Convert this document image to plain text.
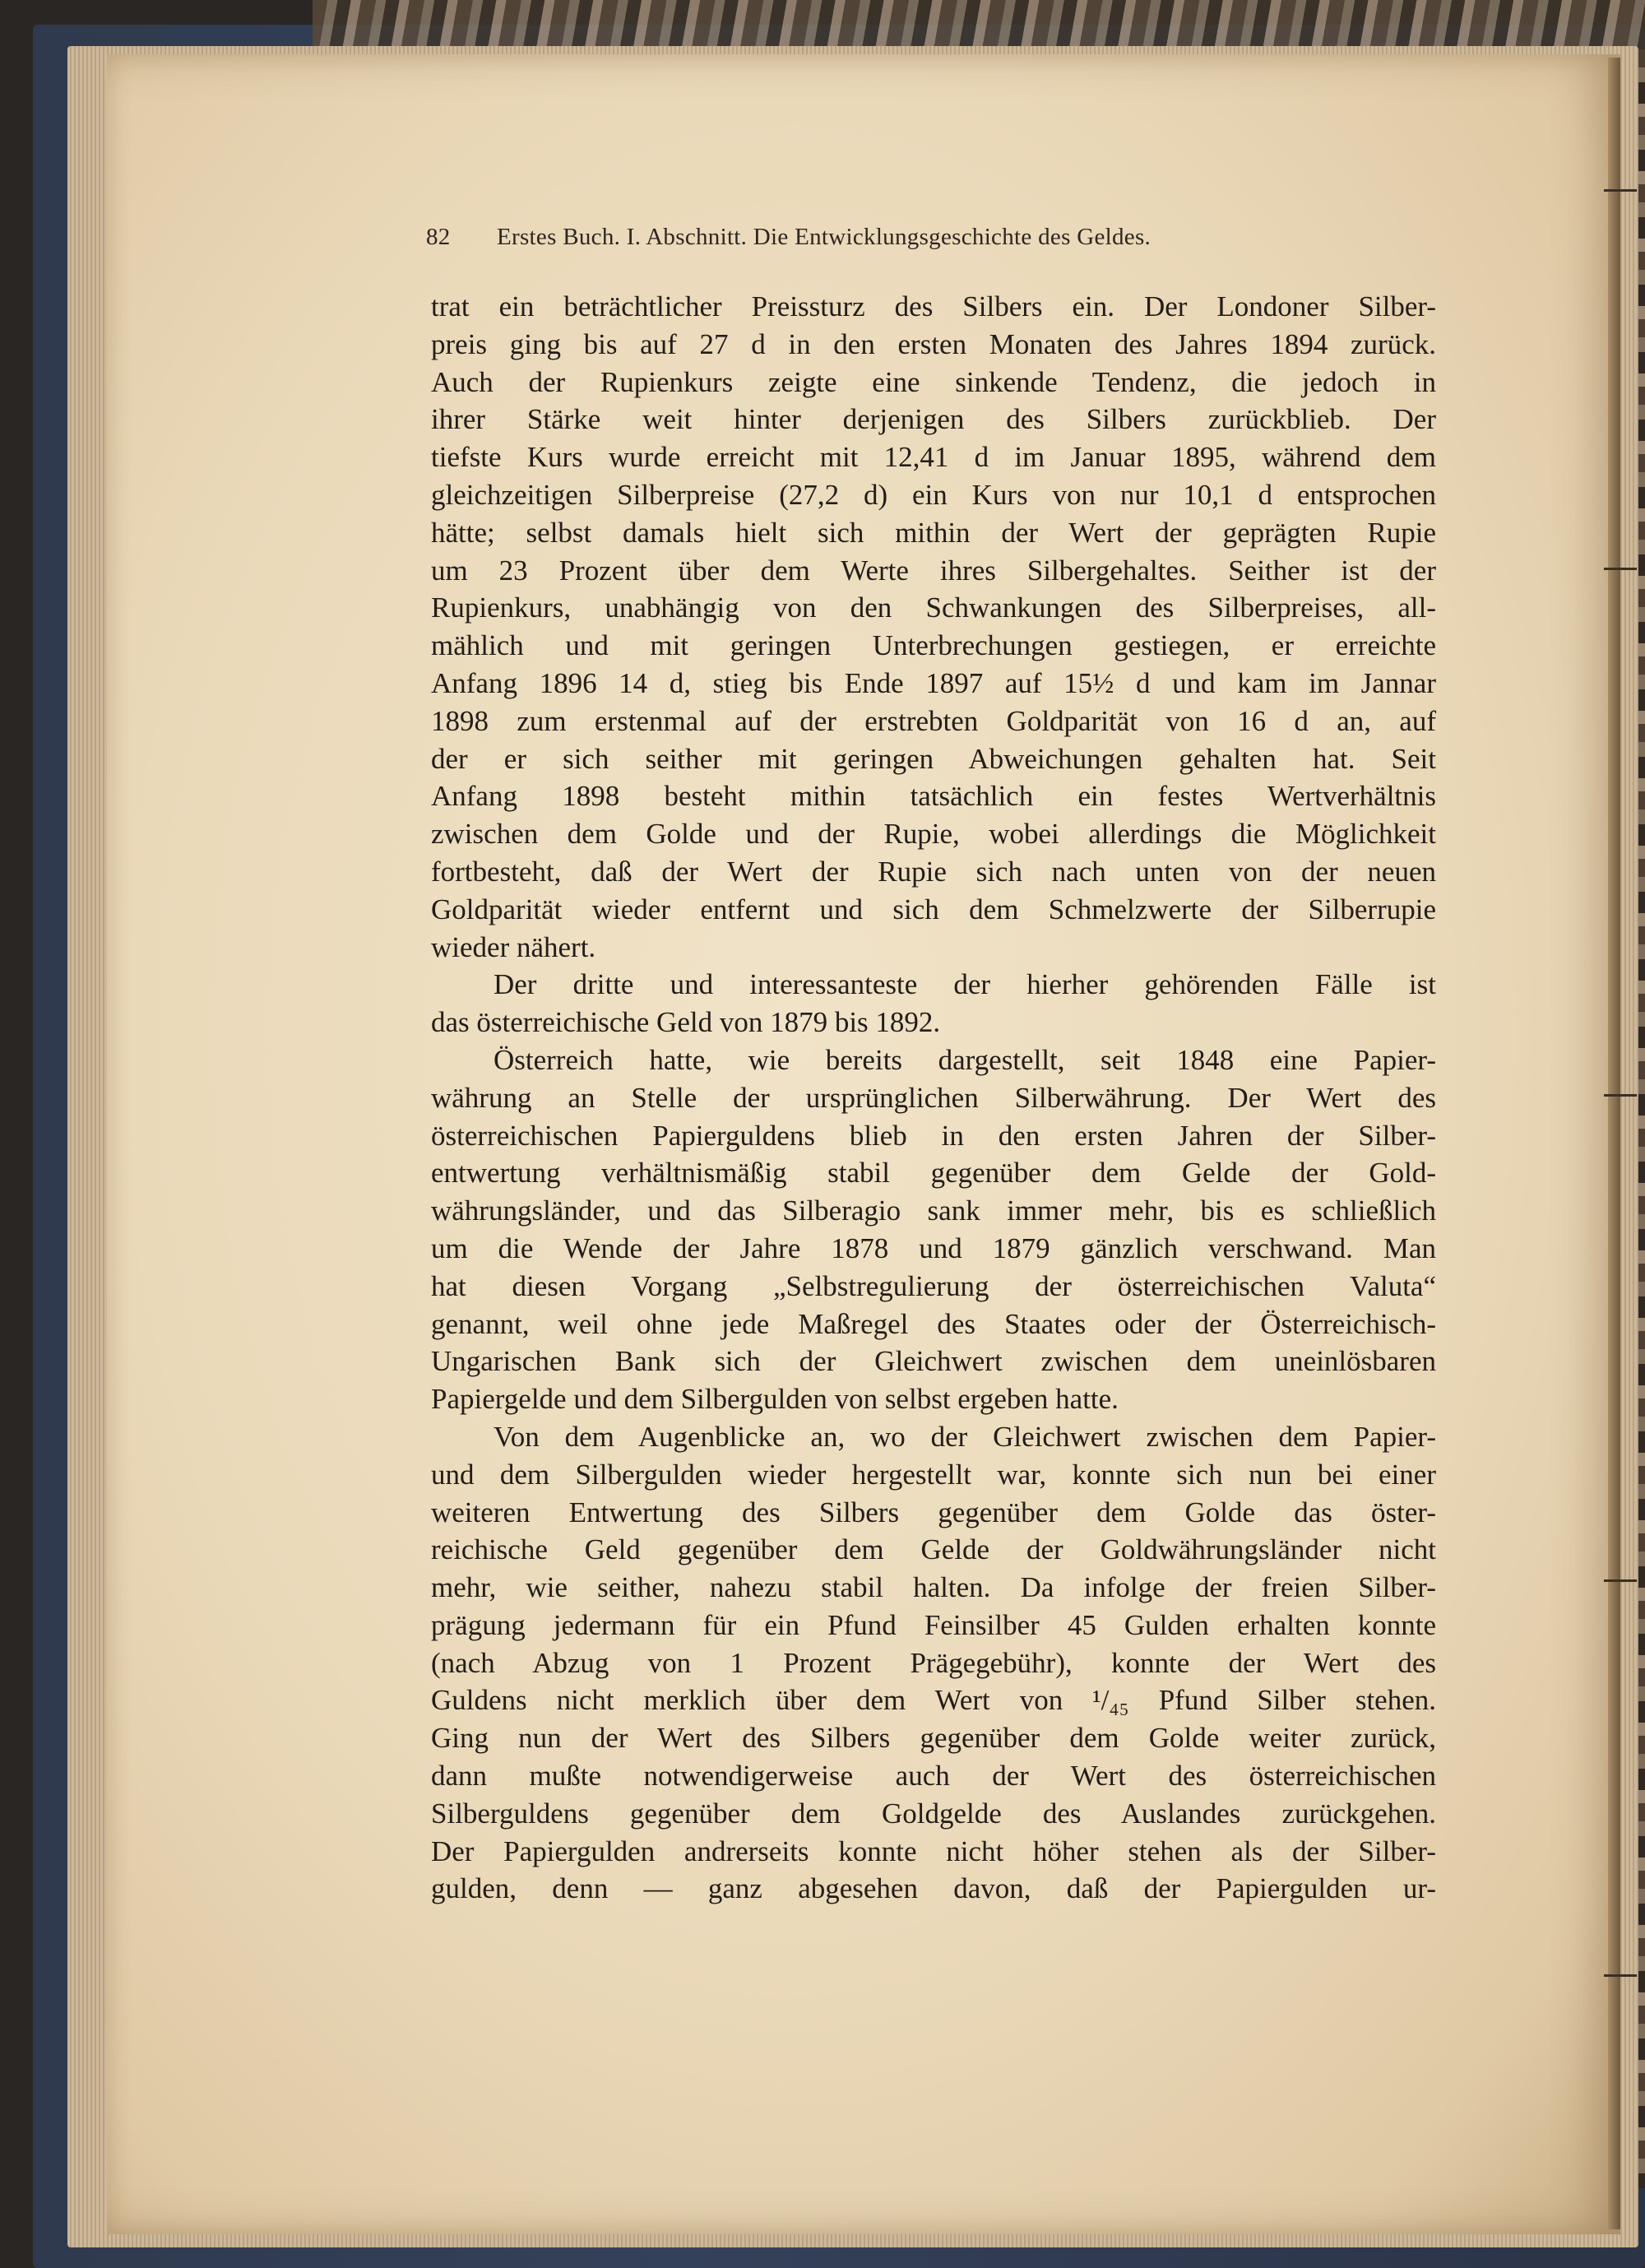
82 Erstes Buch. I. Abschnitt. Die Entwicklungsgeschichte des Geldes.
trat ein beträchtlicher Preissturz des Silbers ein. Der Londoner Silber-
preis ging bis auf 27 d in den ersten Monaten des Jahres 1894 zurück.
Auch der Rupienkurs zeigte eine sinkende Tendenz, die jedoch in
ihrer Stärke weit hinter derjenigen des Silbers zurückblieb. Der
tiefste Kurs wurde erreicht mit 12,41 d im Januar 1895, während dem
gleichzeitigen Silberpreise (27,2 d) ein Kurs von nur 10,1 d entsprochen
hätte; selbst damals hielt sich mithin der Wert der geprägten Rupie
um 23 Prozent über dem Werte ihres Silbergehaltes. Seither ist der
Rupienkurs, unabhängig von den Schwankungen des Silberpreises, all-
mählich und mit geringen Unterbrechungen gestiegen, er erreichte
Anfang 1896 14 d, stieg bis Ende 1897 auf 15½ d und kam im Jannar
1898 zum erstenmal auf der erstrebten Goldparität von 16 d an, auf
der er sich seither mit geringen Abweichungen gehalten hat. Seit
Anfang 1898 besteht mithin tatsächlich ein festes Wertverhältnis
zwischen dem Golde und der Rupie, wobei allerdings die Möglichkeit
fortbesteht, daß der Wert der Rupie sich nach unten von der neuen
Goldparität wieder entfernt und sich dem Schmelzwerte der Silberrupie
wieder nähert.
Der dritte und interessanteste der hierher gehörenden Fälle ist
das österreichische Geld von 1879 bis 1892.
Österreich hatte, wie bereits dargestellt, seit 1848 eine Papier-
währung an Stelle der ursprünglichen Silberwährung. Der Wert des
österreichischen Papierguldens blieb in den ersten Jahren der Silber-
entwertung verhältnismäßig stabil gegenüber dem Gelde der Gold-
währungsländer, und das Silberagio sank immer mehr, bis es schließlich
um die Wende der Jahre 1878 und 1879 gänzlich verschwand. Man
hat diesen Vorgang „Selbstregulierung der österreichischen Valuta“
genannt, weil ohne jede Maßregel des Staates oder der Österreichisch-
Ungarischen Bank sich der Gleichwert zwischen dem uneinlösbaren
Papiergelde und dem Silbergulden von selbst ergeben hatte.
Von dem Augenblicke an, wo der Gleichwert zwischen dem Papier-
und dem Silbergulden wieder hergestellt war, konnte sich nun bei einer
weiteren Entwertung des Silbers gegenüber dem Golde das öster-
reichische Geld gegenüber dem Gelde der Goldwährungsländer nicht
mehr, wie seither, nahezu stabil halten. Da infolge der freien Silber-
prägung jedermann für ein Pfund Feinsilber 45 Gulden erhalten konnte
(nach Abzug von 1 Prozent Prägegebühr), konnte der Wert des
Guldens nicht merklich über dem Wert von ¹/₄₅ Pfund Silber stehen.
Ging nun der Wert des Silbers gegenüber dem Golde weiter zurück,
dann mußte notwendigerweise auch der Wert des österreichischen
Silberguldens gegenüber dem Goldgelde des Auslandes zurückgehen.
Der Papiergulden andrerseits konnte nicht höher stehen als der Silber-
gulden, denn — ganz abgesehen davon, daß der Papiergulden ur-
